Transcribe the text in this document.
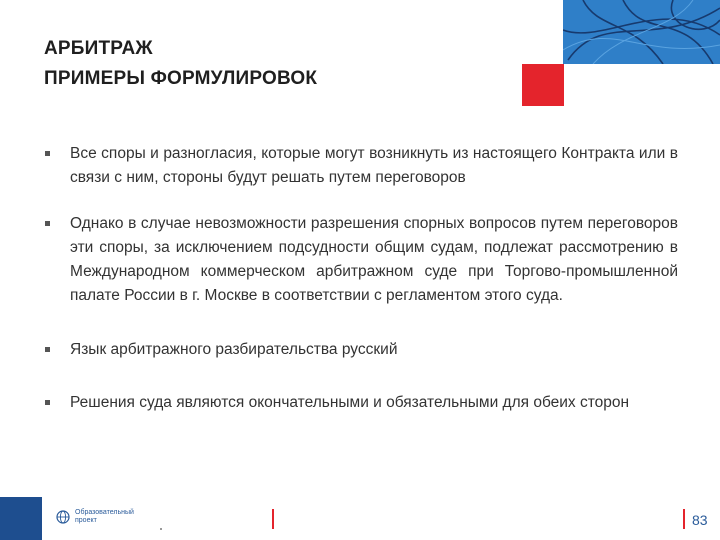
АРБИТРАЖ
ПРИМЕРЫ ФОРМУЛИРОВОК
Все споры и разногласия, которые могут возникнуть из настоящего Контракта или в связи с ним, стороны будут решать путем переговоров
Однако в случае невозможности разрешения спорных вопросов путем переговоров эти споры, за исключением подсудности общим судам, подлежат рассмотрению в Международном коммерческом арбитражном суде при Торгово-промышленной палате России в г. Москве в соответствии с регламентом этого суда.
Язык арбитражного разбирательства русский
Решения суда являются окончательными и обязательными для обеих сторон
Образовательный проект	83
